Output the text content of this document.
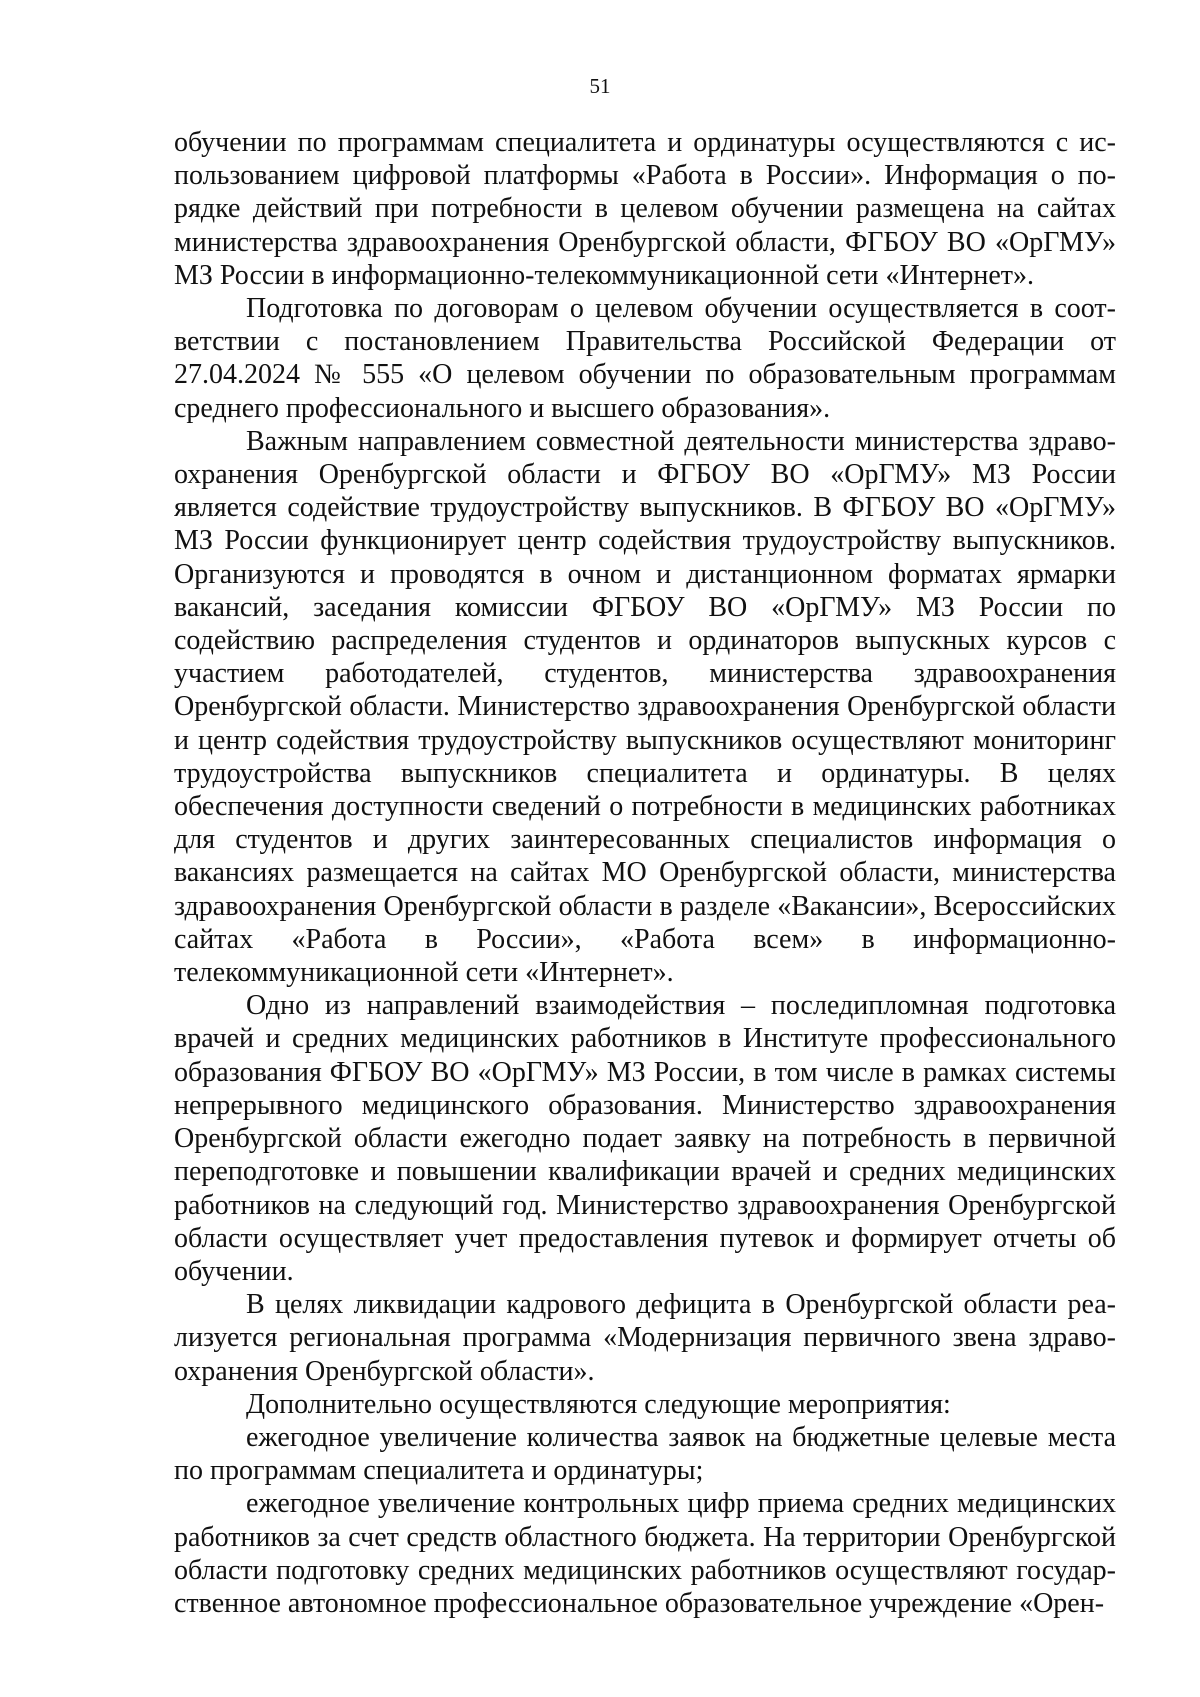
51

обучении по программам специалитета и ординатуры осуществляются с использованием цифровой платформы «Работа в России». Информация о порядке действий при потребности в целевом обучении размещена на сайтах министерства здравоохранения Оренбургской области, ФГБОУ ВО «ОрГМУ» МЗ России в информационно-телекоммуникационной сети «Интернет».

Подготовка по договорам о целевом обучении осуществляется в соответствии с постановлением Правительства Российской Федерации от 27.04.2024 № 555 «О целевом обучении по образовательным программам среднего профессионального и высшего образования».

Важным направлением совместной деятельности министерства здравоохранения Оренбургской области и ФГБОУ ВО «ОрГМУ» МЗ России является содействие трудоустройству выпускников. В ФГБОУ ВО «ОрГМУ» МЗ России функционирует центр содействия трудоустройству выпускников. Организуются и проводятся в очном и дистанционном форматах ярмарки вакансий, заседания комиссии ФГБОУ ВО «ОрГМУ» МЗ России по содействию распределения студентов и ординаторов выпускных курсов с участием работодателей, студентов, министерства здравоохранения Оренбургской области. Министерство здравоохранения Оренбургской области и центр содействия трудоустройству выпускников осуществляют мониторинг трудоустройства выпускников специалитета и ординатуры. В целях обеспечения доступности сведений о потребности в медицинских работниках для студентов и других заинтересованных специалистов информация о вакансиях размещается на сайтах МО Оренбургской области, министерства здравоохранения Оренбургской области в разделе «Вакансии», Всероссийских сайтах «Работа в России», «Работа всем» в информационно-телекоммуникационной сети «Интернет».

Одно из направлений взаимодействия – последипломная подготовка врачей и средних медицинских работников в Институте профессионального образования ФГБОУ ВО «ОрГМУ» МЗ России, в том числе в рамках системы непрерывного медицинского образования. Министерство здравоохранения Оренбургской области ежегодно подает заявку на потребность в первичной переподготовке и повышении квалификации врачей и средних медицинских работников на следующий год. Министерство здравоохранения Оренбургской области осуществляет учет предоставления путевок и формирует отчеты об обучении.

В целях ликвидации кадрового дефицита в Оренбургской области реализуется региональная программа «Модернизация первичного звена здравоохранения Оренбургской области».

Дополнительно осуществляются следующие мероприятия:

ежегодное увеличение количества заявок на бюджетные целевые места по программам специалитета и ординатуры;

ежегодное увеличение контрольных цифр приема средних медицинских работников за счет средств областного бюджета. На территории Оренбургской области подготовку средних медицинских работников осуществляют государственное автономное профессиональное образовательное учреждение «Орен-
